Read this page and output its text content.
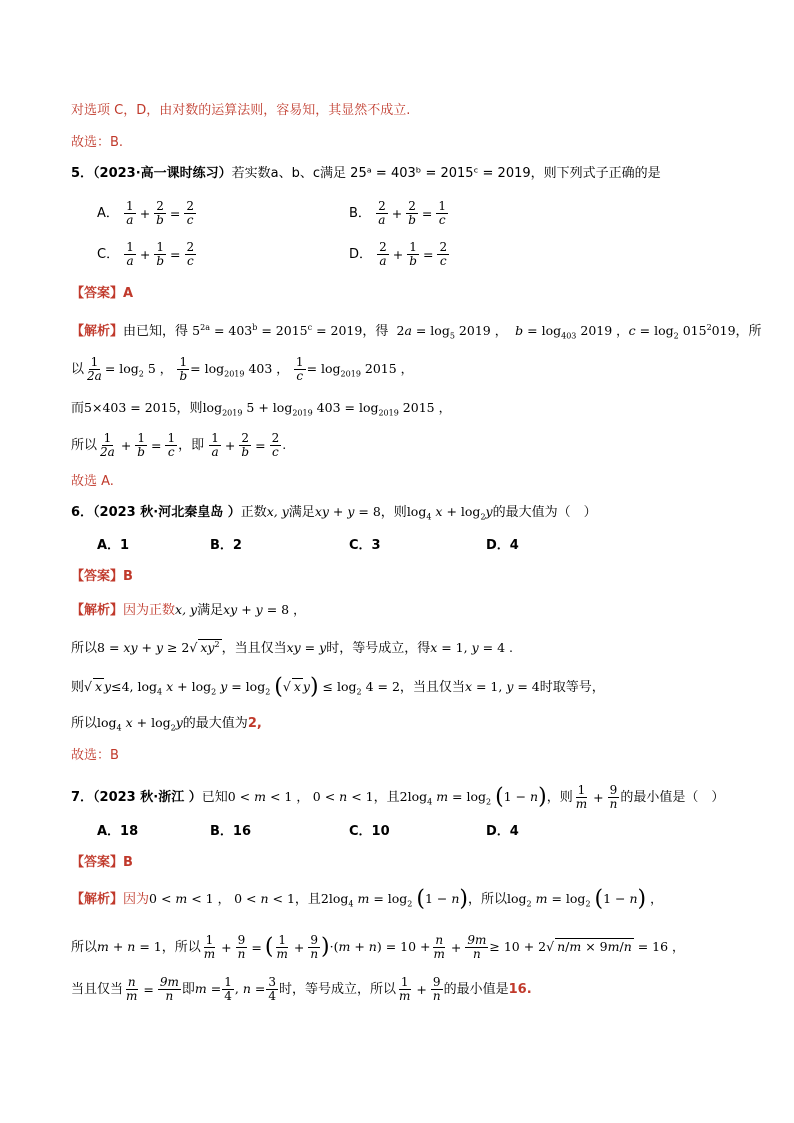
对选项 C，D，由对数的运算法则，容易知，其显然不成立.
故选：B.
5．（2023·高一课时练习）若实数a、b、c满足 25ᵃ = 403ᵇ = 2015ᶜ = 2019，则下列式子正确的是
A． $\frac{1}{a} + \frac{2}{b} = \frac{2}{c}$	B． $\frac{2}{a} + \frac{2}{b} = \frac{1}{c}$
C． $\frac{1}{a} + \frac{1}{b} = \frac{2}{c}$	D． $\frac{2}{a} + \frac{1}{b} = \frac{2}{c}$
【答案】A
【解析】由已知，得 $5^{2a} = 403^b = 2015^c = 2019$，得  $2a = \log_5 2019$ ，  $b = \log_{403} 2019$ ，$c = \log_2 015^2019$，所
以 $\frac{1}{2a} = \log_2 5$ ， $\frac{1}{b} = \log_{2019} 403$ ， $\frac{1}{c} = \log_{2019} 2015$ ，
而5×403 = 2015，则$\log_{2019} 5 + \log_{2019} 403 = \log_{2019} 2015$ ，
所以 $\frac{1}{2a} + \frac{1}{b} = \frac{1}{c}$ ，即 $\frac{1}{a} + \frac{2}{b} = \frac{2}{c}$ .
故选 A.
6．（2023 秋·河北秦皇岛 ）正数x, y满足xy + y = 8，则$\log_4 x + \log_2y$的最大值为（　）
A．1	B．2	C．3	D．4
【答案】B
【解析】因为正数x, y满足xy + y = 8 ，
所以8 = xy + y ≥ 2√ $xy^2$ ，当且仅当xy = y时，等号成立，得x = 1, y = 4 .
则√ x y≤4, $\log_4 x + \log_2 y = \log_2$ (√ x $y) \le \log_2 4 = 2$，当且仅当x = 1, y = 4时取等号，
所以$\log_4 x + \log_2y$的最大值为2,
故选：B
7．（2023 秋·浙江 ）已知0 < m < 1 ， 0 < n < 1，且$2\log_4$ $m = \log_2 (1 - n)$，则 $\frac{1}{m} + \frac{9}{n}$ 的最小值是（　）
A．18	B．16	C．10	D．4
【答案】B
【解析】因为0 < m < 1 ， 0 < n < 1，且$2\log_4$ $m = \log_2 (1 - n)$，所以$\log_2 m = \log_2 (1 - n)$ ，
所以m + n = 1，所以 $\frac{1}{m} + \frac{9}{n}$ = ( $\frac{1}{m} + \frac{9}{n} )\cdot(m + n) = 10 + \frac{n}{m} + \frac{9m}{n} \ge 10 + 2√$ n/m × 9m/n = 16 ，
当且仅当 $\frac{n}{m} = \frac{9m}{n}$ 即$m = \frac{1}{4}$ , $n = \frac{3}{4}$ 时，等号成立，所以 $\frac{1}{m} + \frac{9}{n}$ 的最小值是16.
